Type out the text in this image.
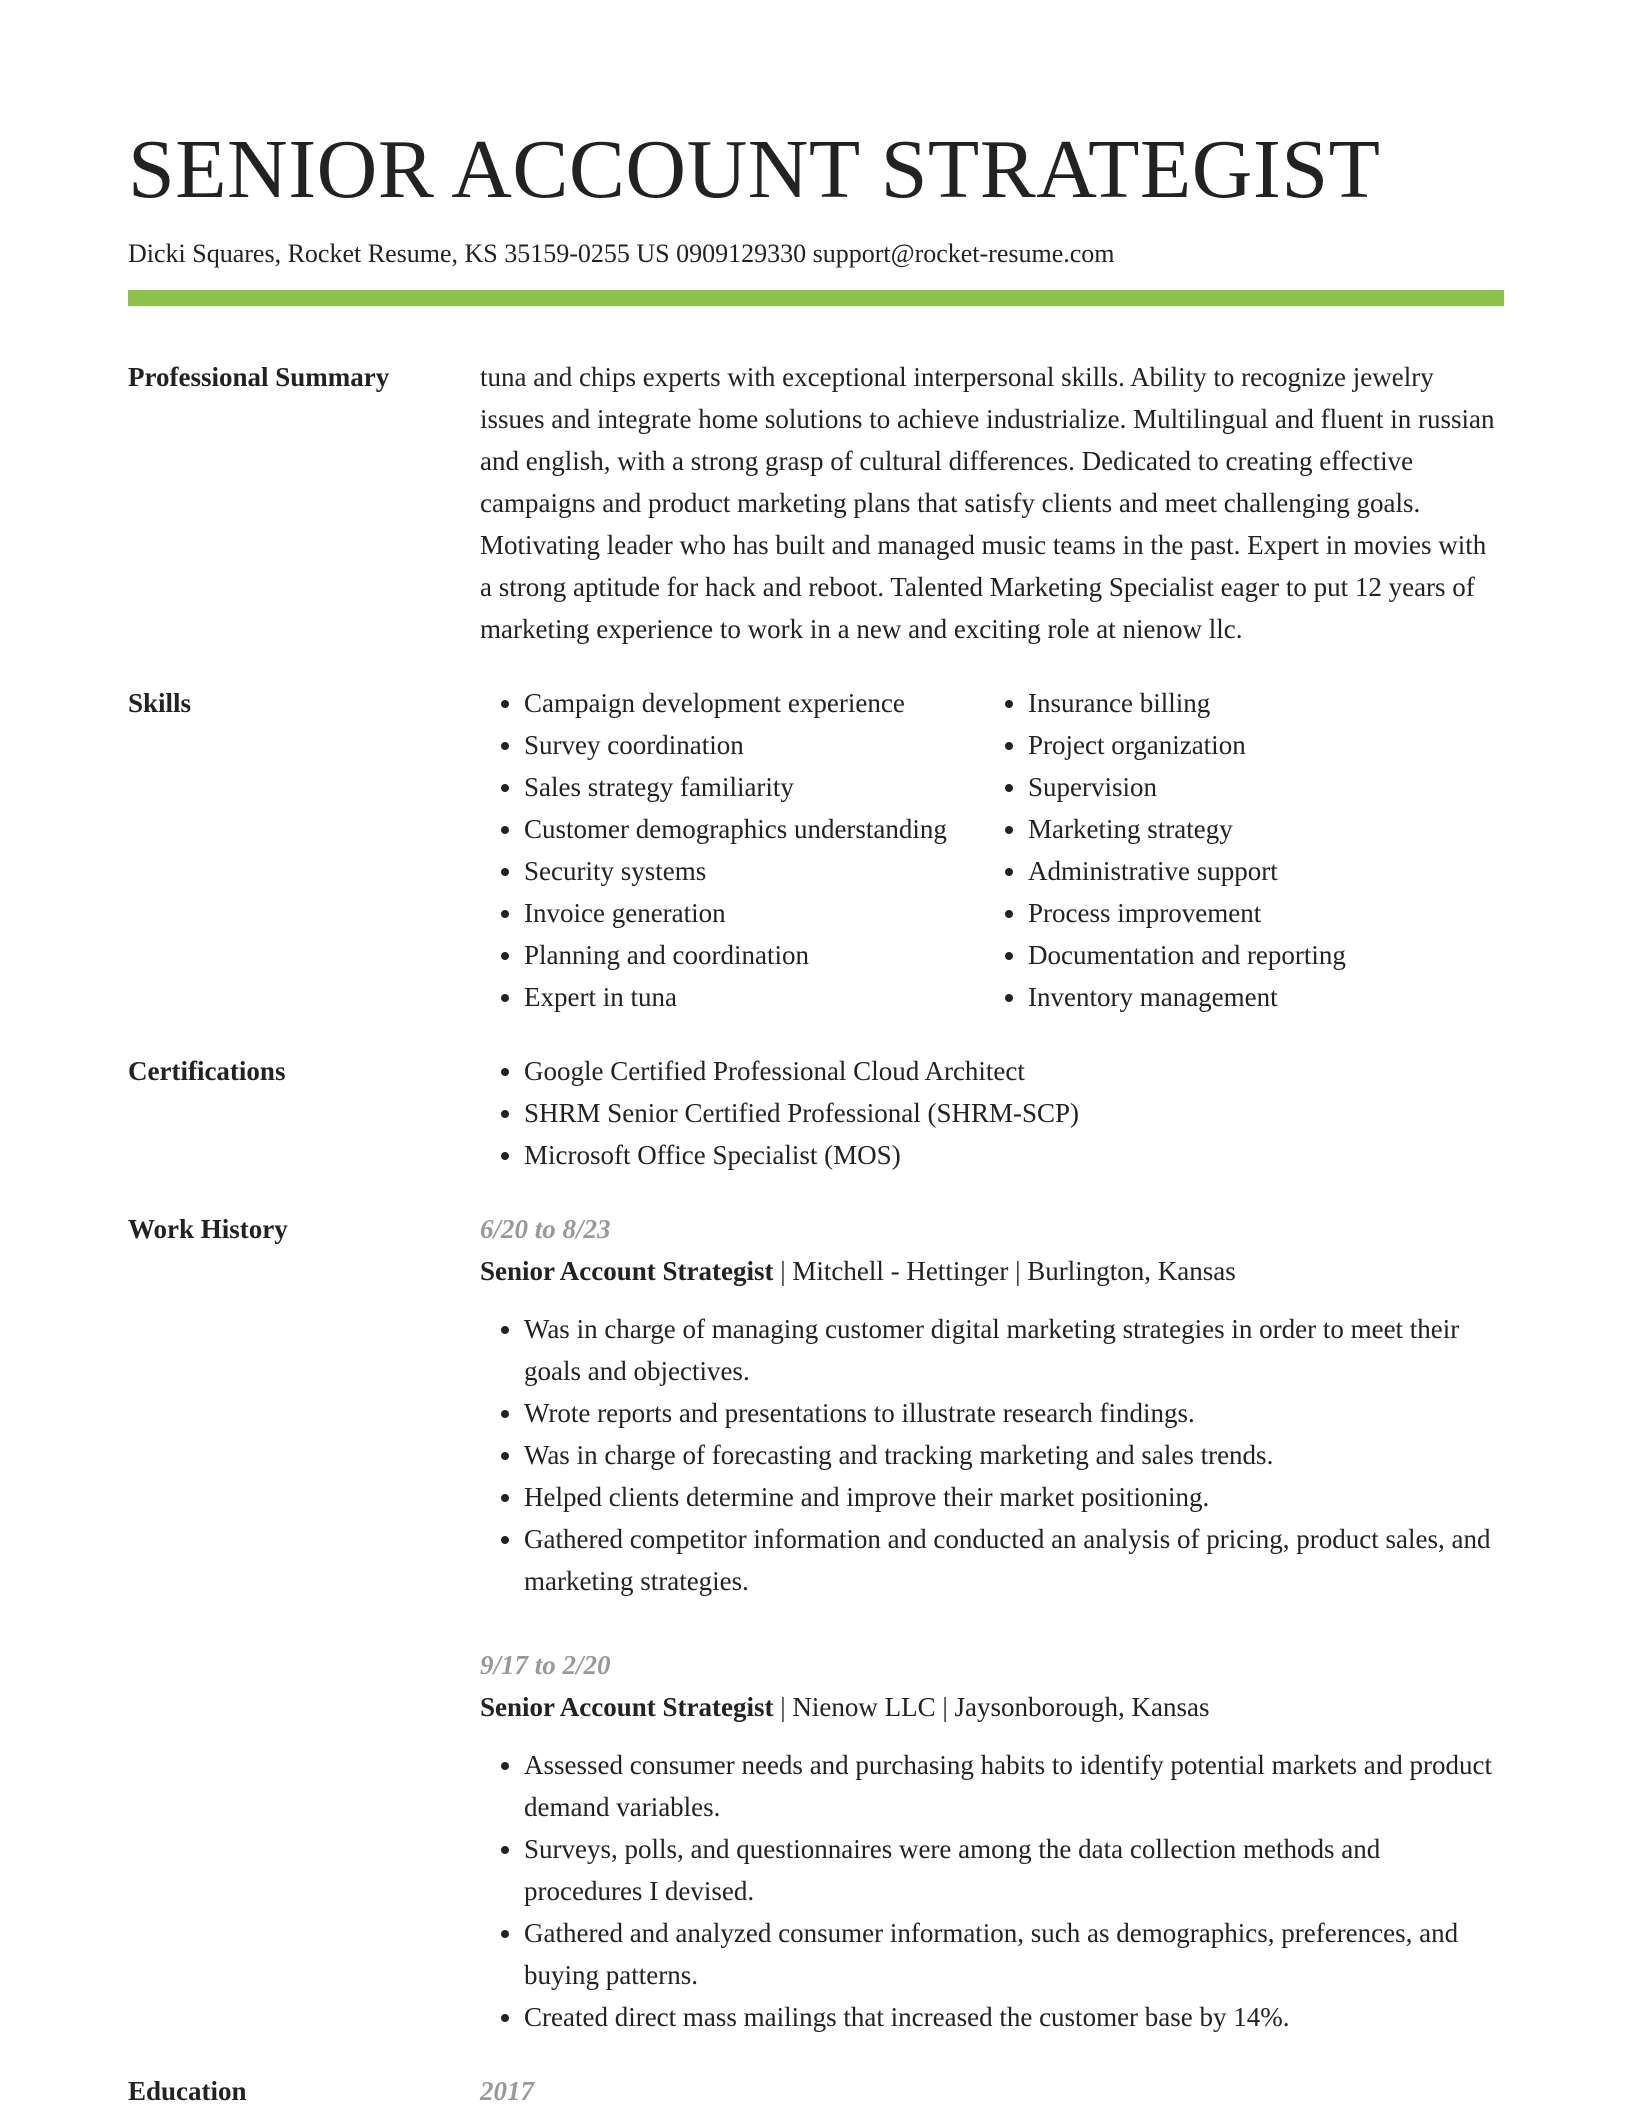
SENIOR ACCOUNT STRATEGIST
Dicki Squares, Rocket Resume, KS 35159-0255 US 0909129330 support@rocket-resume.com
Professional Summary	tuna and chips experts with exceptional interpersonal skills. Ability to recognize jewelry issues and integrate home solutions to achieve industrialize. Multilingual and fluent in russian and english, with a strong grasp of cultural differences. Dedicated to creating effective campaigns and product marketing plans that satisfy clients and meet challenging goals. Motivating leader who has built and managed music teams in the past. Expert in movies with a strong aptitude for hack and reboot. Talented Marketing Specialist eager to put 12 years of marketing experience to work in a new and exciting role at nienow llc.
Skills	• Campaign development experience
• Survey coordination
• Sales strategy familiarity
• Customer demographics understanding
• Security systems
• Invoice generation
• Planning and coordination
• Expert in tuna
• Insurance billing
• Project organization
• Supervision
• Marketing strategy
• Administrative support
• Process improvement
• Documentation and reporting
• Inventory management
Certifications	• Google Certified Professional Cloud Architect
• SHRM Senior Certified Professional (SHRM-SCP)
• Microsoft Office Specialist (MOS)
Work History	6/20 to 8/23
Senior Account Strategist | Mitchell - Hettinger | Burlington, Kansas
• Was in charge of managing customer digital marketing strategies in order to meet their goals and objectives.
• Wrote reports and presentations to illustrate research findings.
• Was in charge of forecasting and tracking marketing and sales trends.
• Helped clients determine and improve their market positioning.
• Gathered competitor information and conducted an analysis of pricing, product sales, and marketing strategies.
9/17 to 2/20
Senior Account Strategist | Nienow LLC | Jaysonborough, Kansas
• Assessed consumer needs and purchasing habits to identify potential markets and product demand variables.
• Surveys, polls, and questionnaires were among the data collection methods and procedures I devised.
• Gathered and analyzed consumer information, such as demographics, preferences, and buying patterns.
• Created direct mass mailings that increased the customer base by 14%.
Education	2017
